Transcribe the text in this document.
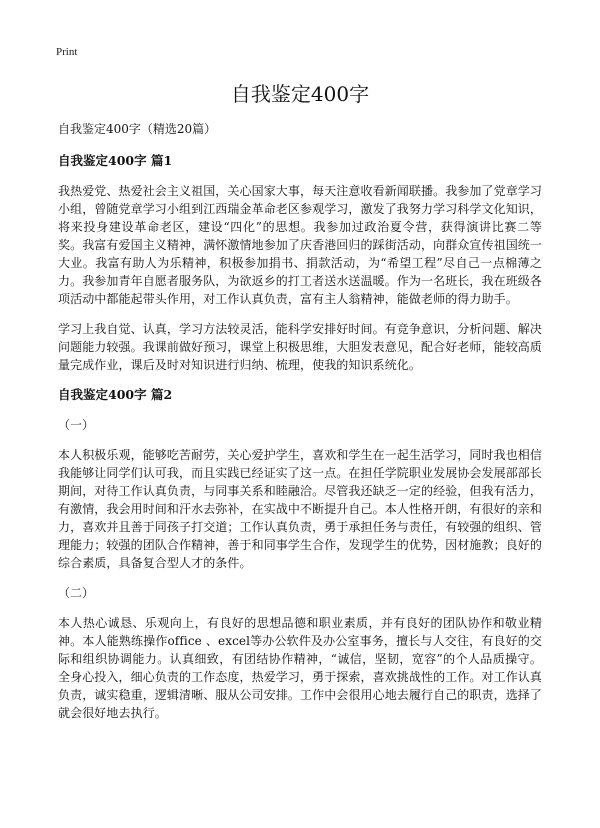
Print
自我鉴定400字

自我鉴定400字（精选20篇）

自我鉴定400字 篇1

我热爱党、热爱社会主义祖国，关心国家大事，每天注意收看新闻联播。我参加了党章学习小组，曾随党章学习小组到江西瑞金革命老区参观学习，激发了我努力学习科学文化知识，将来投身建设革命老区，建设“四化”的思想。我参加过政治夏令营，获得演讲比赛二等奖。我富有爱国主义精神，满怀激情地参加了庆香港回归的踩街活动，向群众宣传祖国统一大业。我富有助人为乐精神，积极参加捐书、捐款活动，为“希望工程”尽自己一点棉薄之力。我参加青年自愿者服务队，为欲返乡的打工者送水送温暖。作为一名班长，我在班级各项活动中都能起带头作用，对工作认真负责，富有主人翁精神，能做老师的得力助手。

学习上我自觉、认真，学习方法较灵活，能科学安排好时间。有竞争意识，分析问题、解决问题能力较强。我课前做好预习，课堂上积极思维，大胆发表意见，配合好老师，能较高质量完成作业，课后及时对知识进行归纳、梳理，使我的知识系统化。

自我鉴定400字 篇2

（一）

本人积极乐观，能够吃苦耐劳，关心爱护学生，喜欢和学生在一起生活学习，同时我也相信我能够让同学们认可我，而且实践已经证实了这一点。在担任学院职业发展协会发展部部长期间，对待工作认真负责，与同事关系和睦融洽。尽管我还缺乏一定的经验，但我有活力，有激情，我会用时间和汗水去弥补，在实战中不断提升自己。本人性格开朗，有很好的亲和力，喜欢并且善于同孩子打交道；工作认真负责，勇于承担任务与责任，有较强的组织、管理能力；较强的团队合作精神，善于和同事学生合作，发现学生的优势，因材施教；良好的综合素质，具备复合型人才的条件。

（二）

本人热心诚恳、乐观向上，有良好的思想品德和职业素质，并有良好的团队协作和敬业精神。本人能熟练操作office 、excel等办公软件及办公室事务，擅长与人交往，有良好的交际和组织协调能力。认真细致，有团结协作精神，“诚信，坚韧，宽容”的个人品质操守。全身心投入，细心负责的工作态度，热爱学习，勇于探索，喜欢挑战性的工作。对工作认真负责，诚实稳重，逻辑清晰、服从公司安排。工作中会很用心地去履行自己的职责，选择了就会很好地去执行。
